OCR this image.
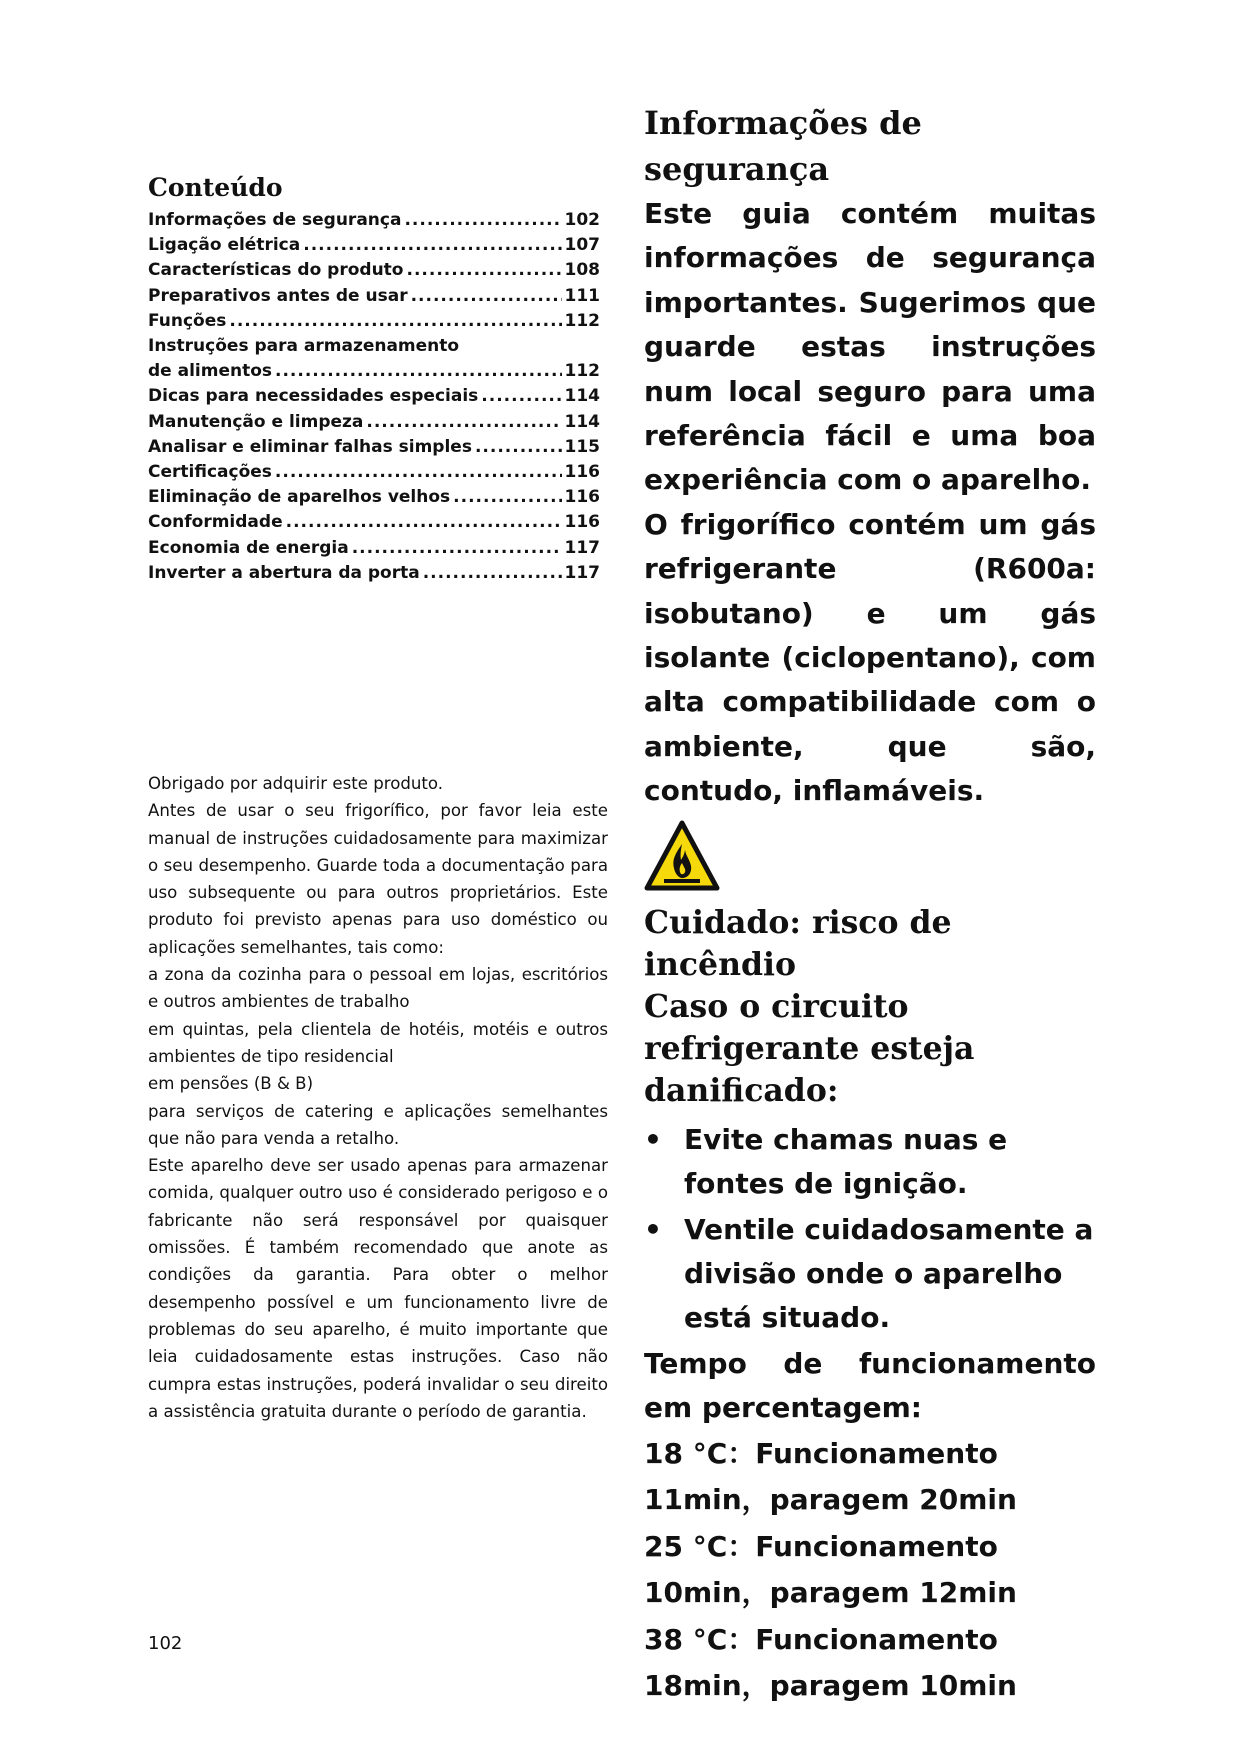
Conteúdo
Informações de segurança .....	102
Ligação elétrica .....	107
Características do produto .....	108
Preparativos antes de usar .....	111
Funções .....	112
Instruções para armazenamento
de alimentos .....	112
Dicas para necessidades especiais .....	114
Manutenção e limpeza .....	114
Analisar e eliminar falhas simples .....	115
Certificações .....	116
Eliminação de aparelhos velhos .....	116
Conformidade .....	116
Economia de energia .....	117
Inverter a abertura da porta .....	117

Obrigado por adquirir este produto.

Antes de usar o seu frigorífico, por favor leia este manual de instruções cuidadosamente para maximizar o seu desempenho. Guarde toda a documentação para uso subsequente ou para outros proprietários. Este produto foi previsto apenas para uso doméstico ou aplicações semelhantes, tais como:

a zona da cozinha para o pessoal em lojas, escritórios e outros ambientes de trabalho

em quintas, pela clientela de hotéis, motéis e outros ambientes de tipo residencial

em pensões (B & B)

para serviços de catering e aplicações semelhantes que não para venda a retalho.

Este aparelho deve ser usado apenas para armazenar comida, qualquer outro uso é considerado perigoso e o fabricante não será responsável por quaisquer omissões. É também recomendado que anote as condições da garantia. Para obter o melhor desempenho possível e um funcionamento livre de problemas do seu aparelho, é muito importante que leia cuidadosamente estas instruções. Caso não cumpra estas instruções, poderá invalidar o seu direito a assistência gratuita durante o período de garantia.

102
Informações de segurança

Este guia contém muitas informações de segurança importantes. Sugerimos que guarde estas instruções num local seguro para uma referência fácil e uma boa experiência com o aparelho.

O frigorífico contém um gás refrigerante (R600a: isobutano) e um gás isolante (ciclopentano), com alta compatibilidade com o ambiente, que são, contudo, inflamáveis.

Cuidado: risco de incêndio
Caso o circuito refrigerante esteja danificado:
• Evite chamas nuas e fontes de ignição.
• Ventile cuidadosamente a divisão onde o aparelho está situado.

Tempo de funcionamento em percentagem:

18 °C：Funcionamento
11min，paragem 20min
25 °C：Funcionamento
10min，paragem 12min
38 °C：Funcionamento
18min，paragem 10min
